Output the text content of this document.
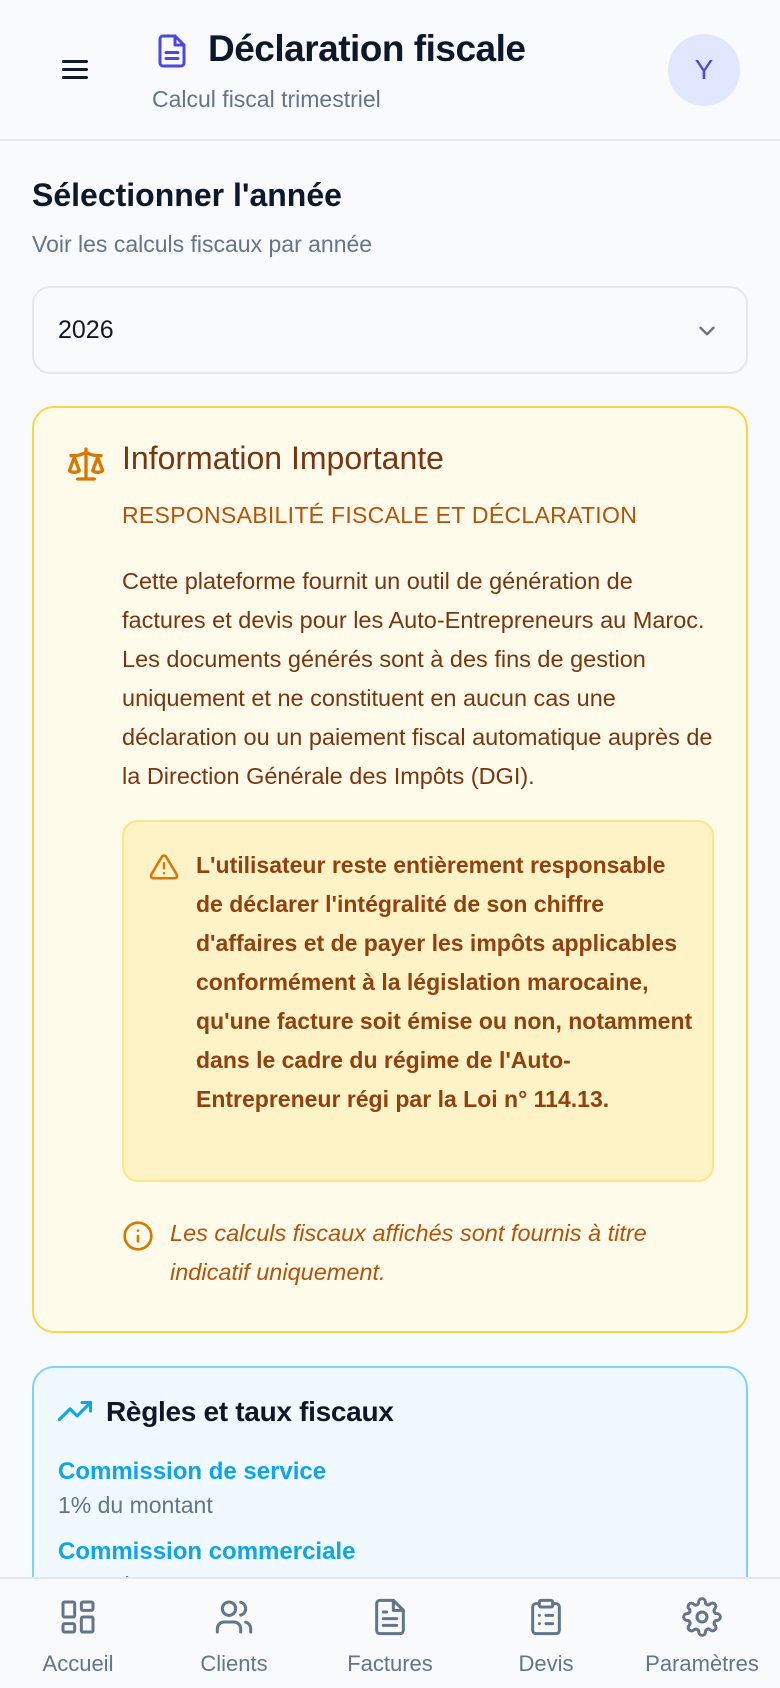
Déclaration fiscale
Calcul fiscal trimestriel
Y
Sélectionner l'année
Voir les calculs fiscaux par année
2026
Information Importante
RESPONSABILITÉ FISCALE ET DÉCLARATION
Cette plateforme fournit un outil de génération de factures et devis pour les Auto-Entrepreneurs au Maroc. Les documents générés sont à des fins de gestion uniquement et ne constituent en aucun cas une déclaration ou un paiement fiscal automatique auprès de la Direction Générale des Impôts (DGI).
L'utilisateur reste entièrement responsable de déclarer l'intégralité de son chiffre d'affaires et de payer les impôts applicables conformément à la législation marocaine, qu'une facture soit émise ou non, notamment dans le cadre du régime de l'Auto-Entrepreneur régi par la Loi n° 114.13.
Les calculs fiscaux affichés sont fournis à titre indicatif uniquement.
Règles et taux fiscaux
Commission de service
1% du montant
Commission commerciale
Accueil	Clients	Factures	Devis	Paramètres
